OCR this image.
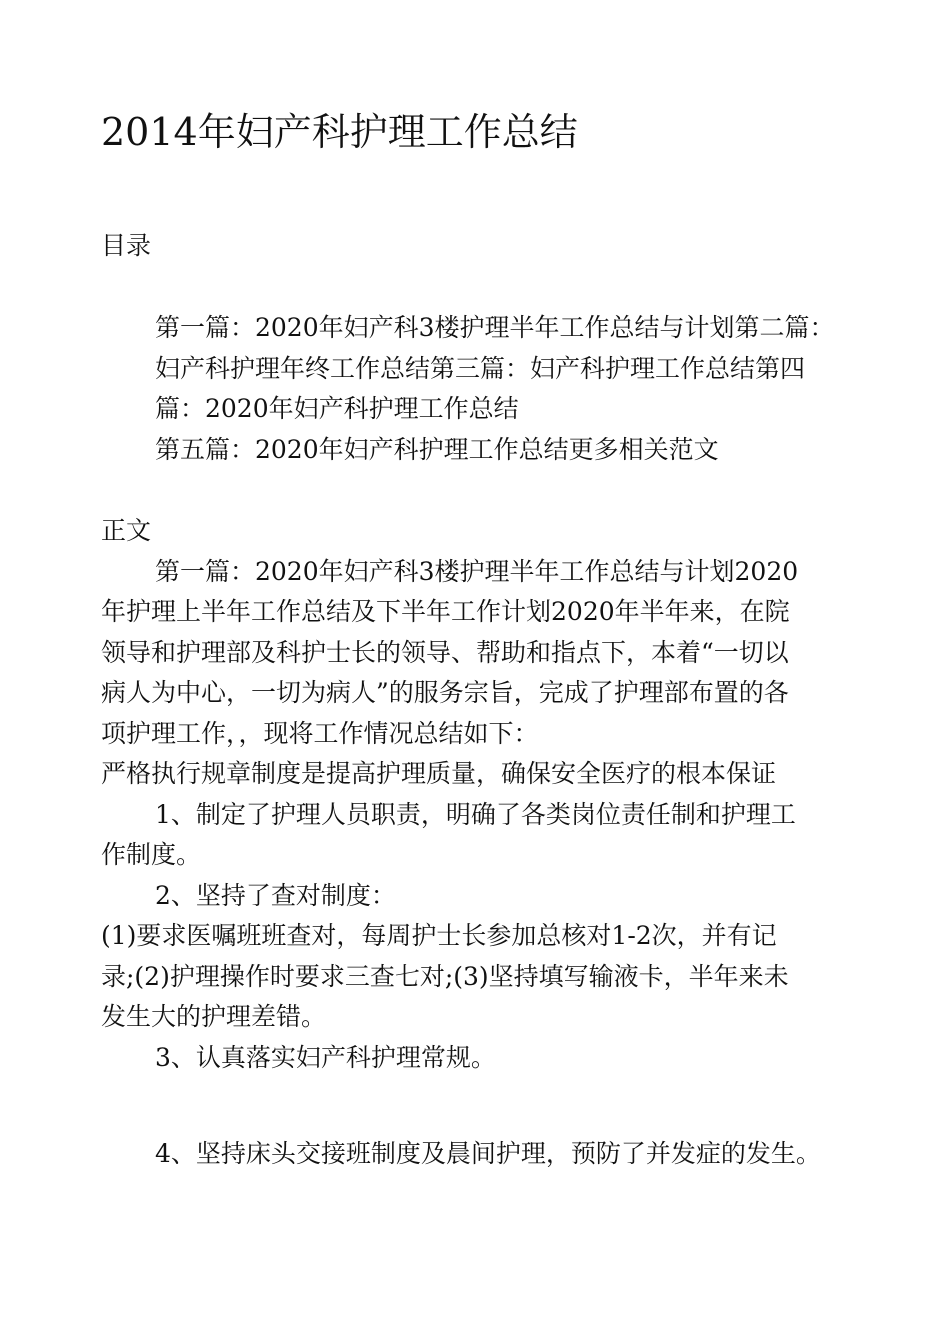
2014年妇产科护理工作总结

目录

第一篇：2020年妇产科3楼护理半年工作总结与计划第二篇：

妇产科护理年终工作总结第三篇：妇产科护理工作总结第四

篇：2020年妇产科护理工作总结

第五篇：2020年妇产科护理工作总结更多相关范文

正文

第一篇：2020年妇产科3楼护理半年工作总结与计划2020

年护理上半年工作总结及下半年工作计划2020年半年来，在院

领导和护理部及科护士长的领导、帮助和指点下，本着“一切以

病人为中心，一切为病人”的服务宗旨，完成了护理部布置的各

项护理工作，，现将工作情况总结如下：

严格执行规章制度是提高护理质量，确保安全医疗的根本保证

1、制定了护理人员职责，明确了各类岗位责任制和护理工

作制度。

2、坚持了查对制度：

(1)要求医嘱班班查对，每周护士长参加总核对1-2次，并有记

录;(2)护理操作时要求三查七对;(3)坚持填写输液卡，半年来未

发生大的护理差错。

3、认真落实妇产科护理常规。

4、坚持床头交接班制度及晨间护理，预防了并发症的发生。
